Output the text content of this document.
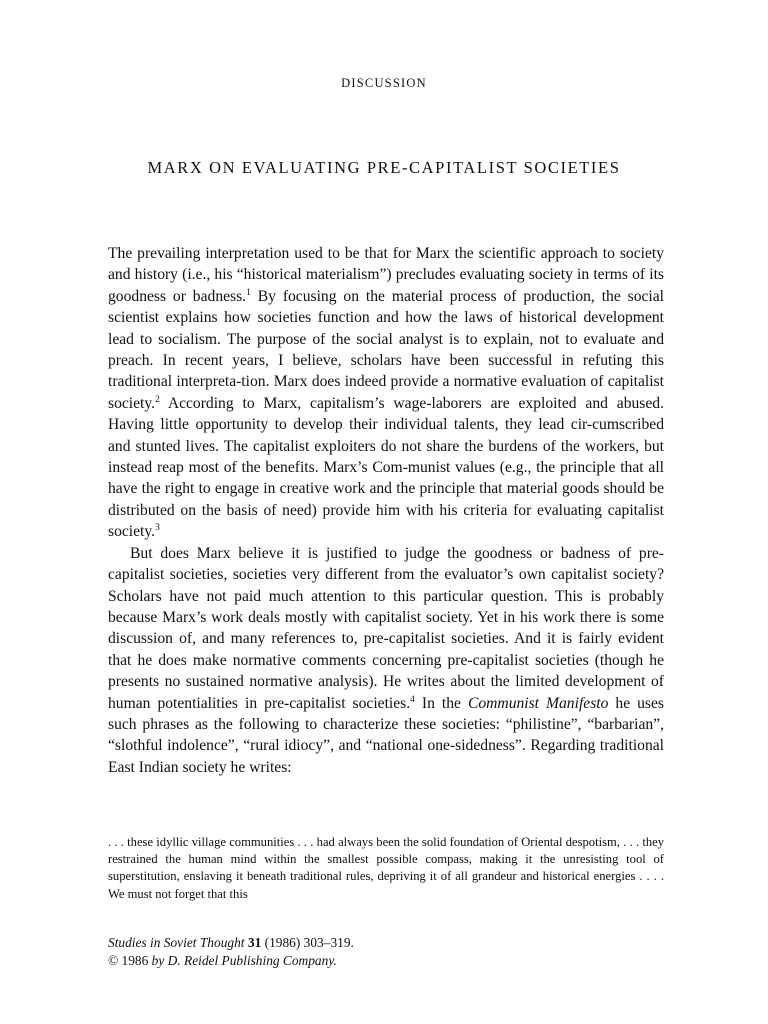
DISCUSSION
MARX ON EVALUATING PRE-CAPITALIST SOCIETIES

The prevailing interpretation used to be that for Marx the scientific approach to society and history (i.e., his “historical materialism”) precludes evaluating society in terms of its goodness or badness.$^1$ By focusing on the material process of production, the social scientist explains how societies function and how the laws of historical development lead to socialism. The purpose of the social analyst is to explain, not to evaluate and preach. In recent years, I believe, scholars have been successful in refuting this traditional interpreta-tion. Marx does indeed provide a normative evaluation of capitalist society.$^2$ According to Marx, capitalism’s wage-laborers are exploited and abused. Having little opportunity to develop their individual talents, they lead cir-cumscribed and stunted lives. The capitalist exploiters do not share the burdens of the workers, but instead reap most of the benefits. Marx’s Com-munist values (e.g., the principle that all have the right to engage in creative work and the principle that material goods should be distributed on the basis of need) provide him with his criteria for evaluating capitalist society.$^3$

But does Marx believe it is justified to judge the goodness or badness of pre-capitalist societies, societies very different from the evaluator’s own capitalist society? Scholars have not paid much attention to this particular question. This is probably because Marx’s work deals mostly with capitalist society. Yet in his work there is some discussion of, and many references to, pre-capitalist societies. And it is fairly evident that he does make normative comments concerning pre-capitalist societies (though he presents no sustained normative analysis). He writes about the limited development of human potentialities in pre-capitalist societies.$^4$ In the Communist Manifesto he uses such phrases as the following to characterize these societies: “philistine”, “barbarian”, “slothful indolence”, “rural idiocy”, and “national one-sidedness”. Regarding traditional East Indian society he writes:

. . . these idyllic village communities . . . had always been the solid foundation of Oriental despotism, . . . they restrained the human mind within the smallest possible compass, making it the unresisting tool of superstitution, enslaving it beneath traditional rules, depriving it of all grandeur and historical energies . . . . We must not forget that this
Studies in Soviet Thought 31 (1986) 303–319.
© 1986 by D. Reidel Publishing Company.
